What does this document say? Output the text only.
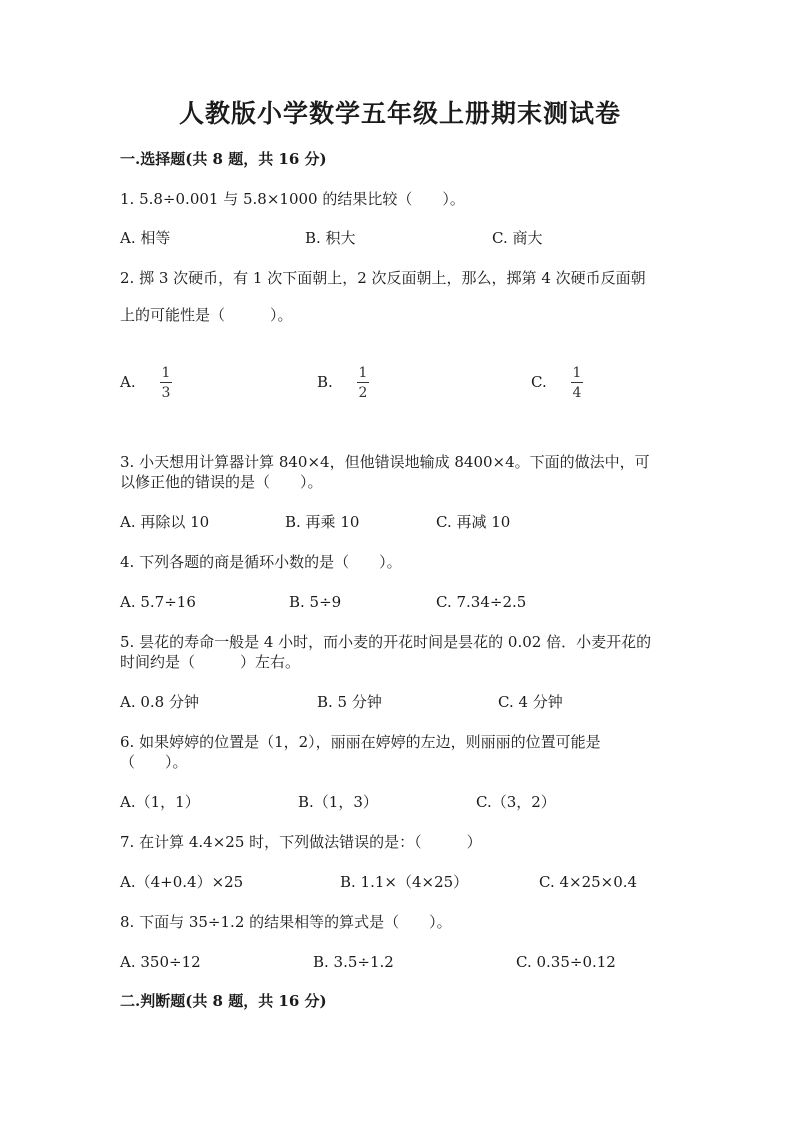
人教版小学数学五年级上册期末测试卷
一.选择题(共 8 题，共 16 分)
1. 5.8÷0.001 与 5.8×1000 的结果比较（　　）。
A. 相等	B. 积大	C. 商大
2. 掷 3 次硬币，有 1 次下面朝上，2 次反面朝上，那么，掷第 4 次硬币反面朝
上的可能性是（　　　）。
A. 1
3
B. 1
2
C. 1
4
3. 小天想用计算器计算 840×4，但他错误地输成 8400×4。下面的做法中，可
以修正他的错误的是（　　）。
A. 再除以 10	B. 再乘 10	C. 再减 10
4. 下列各题的商是循环小数的是（　　）。
A. 5.7÷16	B. 5÷9	C. 7.34÷2.5
5. 昙花的寿命一般是 4 小时，而小麦的开花时间是昙花的 0.02 倍．小麦开花的
时间约是（　　　）左右。
A. 0.8 分钟	B. 5 分钟	C. 4 分钟
6. 如果婷婷的位置是（1，2），丽丽在婷婷的左边，则丽丽的位置可能是
（　　）。
A.（1，1）	B.（1，3）	C.（3，2）
7. 在计算 4.4×25 时，下列做法错误的是：（　　　）
A.（4+0.4）×25	B. 1.1×（4×25）	C. 4×25×0.4
8. 下面与 35÷1.2 的结果相等的算式是（　　）。
A. 350÷12	B. 3.5÷1.2	C. 0.35÷0.12
二.判断题(共 8 题，共 16 分)
